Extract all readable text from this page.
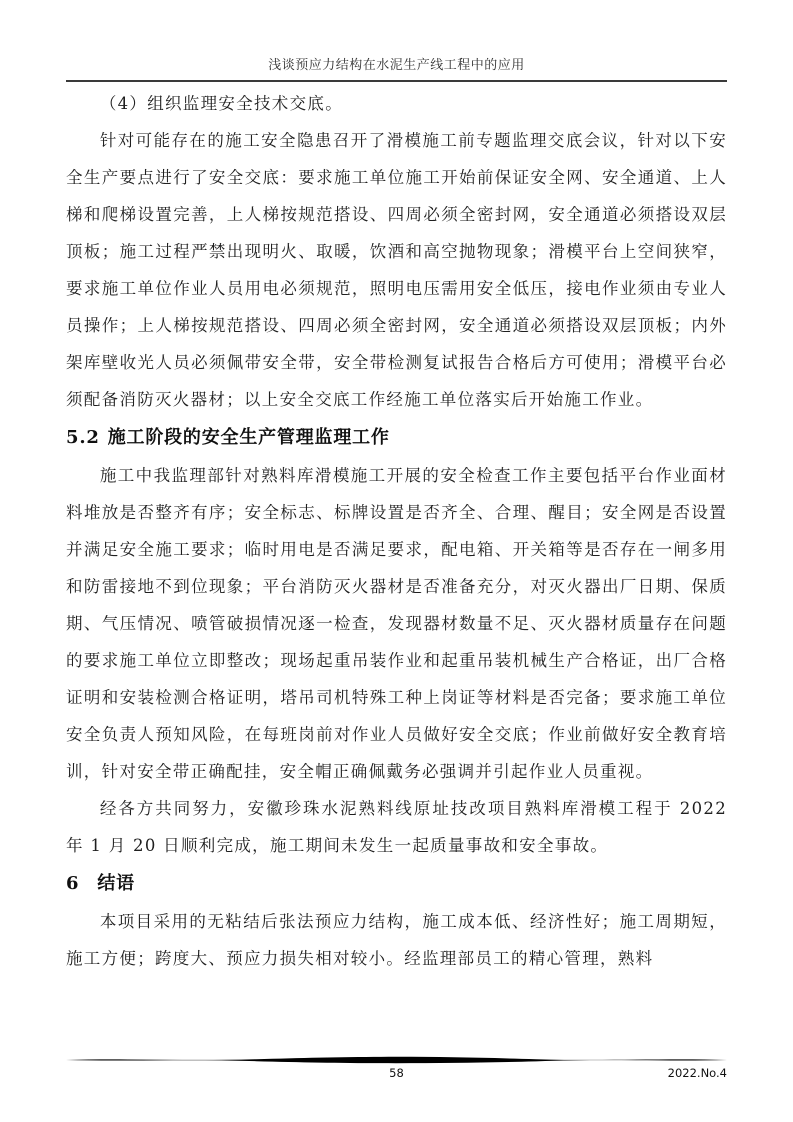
浅谈预应力结构在水泥生产线工程中的应用

（4）组织监理安全技术交底。

针对可能存在的施工安全隐患召开了滑模施工前专题监理交底会议，针对以下安全生产要点进行了安全交底：要求施工单位施工开始前保证安全网、安全通道、上人梯和爬梯设置完善，上人梯按规范搭设、四周必须全密封网，安全通道必须搭设双层顶板；施工过程严禁出现明火、取暖，饮酒和高空抛物现象；滑模平台上空间狭窄，要求施工单位作业人员用电必须规范，照明电压需用安全低压，接电作业须由专业人员操作；上人梯按规范搭设、四周必须全密封网，安全通道必须搭设双层顶板；内外架库壁收光人员必须佩带安全带，安全带检测复试报告合格后方可使用；滑模平台必须配备消防灭火器材；以上安全交底工作经施工单位落实后开始施工作业。

5.2 施工阶段的安全生产管理监理工作

施工中我监理部针对熟料库滑模施工开展的安全检查工作主要包括平台作业面材料堆放是否整齐有序；安全标志、标牌设置是否齐全、合理、醒目；安全网是否设置并满足安全施工要求；临时用电是否满足要求，配电箱、开关箱等是否存在一闸多用和防雷接地不到位现象；平台消防灭火器材是否准备充分，对灭火器出厂日期、保质期、气压情况、喷管破损情况逐一检查，发现器材数量不足、灭火器材质量存在问题的要求施工单位立即整改；现场起重吊装作业和起重吊装机械生产合格证，出厂合格证明和安装检测合格证明，塔吊司机特殊工种上岗证等材料是否完备；要求施工单位安全负责人预知风险，在每班岗前对作业人员做好安全交底；作业前做好安全教育培训，针对安全带正确配挂，安全帽正确佩戴务必强调并引起作业人员重视。

经各方共同努力，安徽珍珠水泥熟料线原址技改项目熟料库滑模工程于 2022 年 1 月 20 日顺利完成，施工期间未发生一起质量事故和安全事故。

6 结语

本项目采用的无粘结后张法预应力结构，施工成本低、经济性好；施工周期短，施工方便；跨度大、预应力损失相对较小。经监理部员工的精心管理，熟料

58	2022.No.4
